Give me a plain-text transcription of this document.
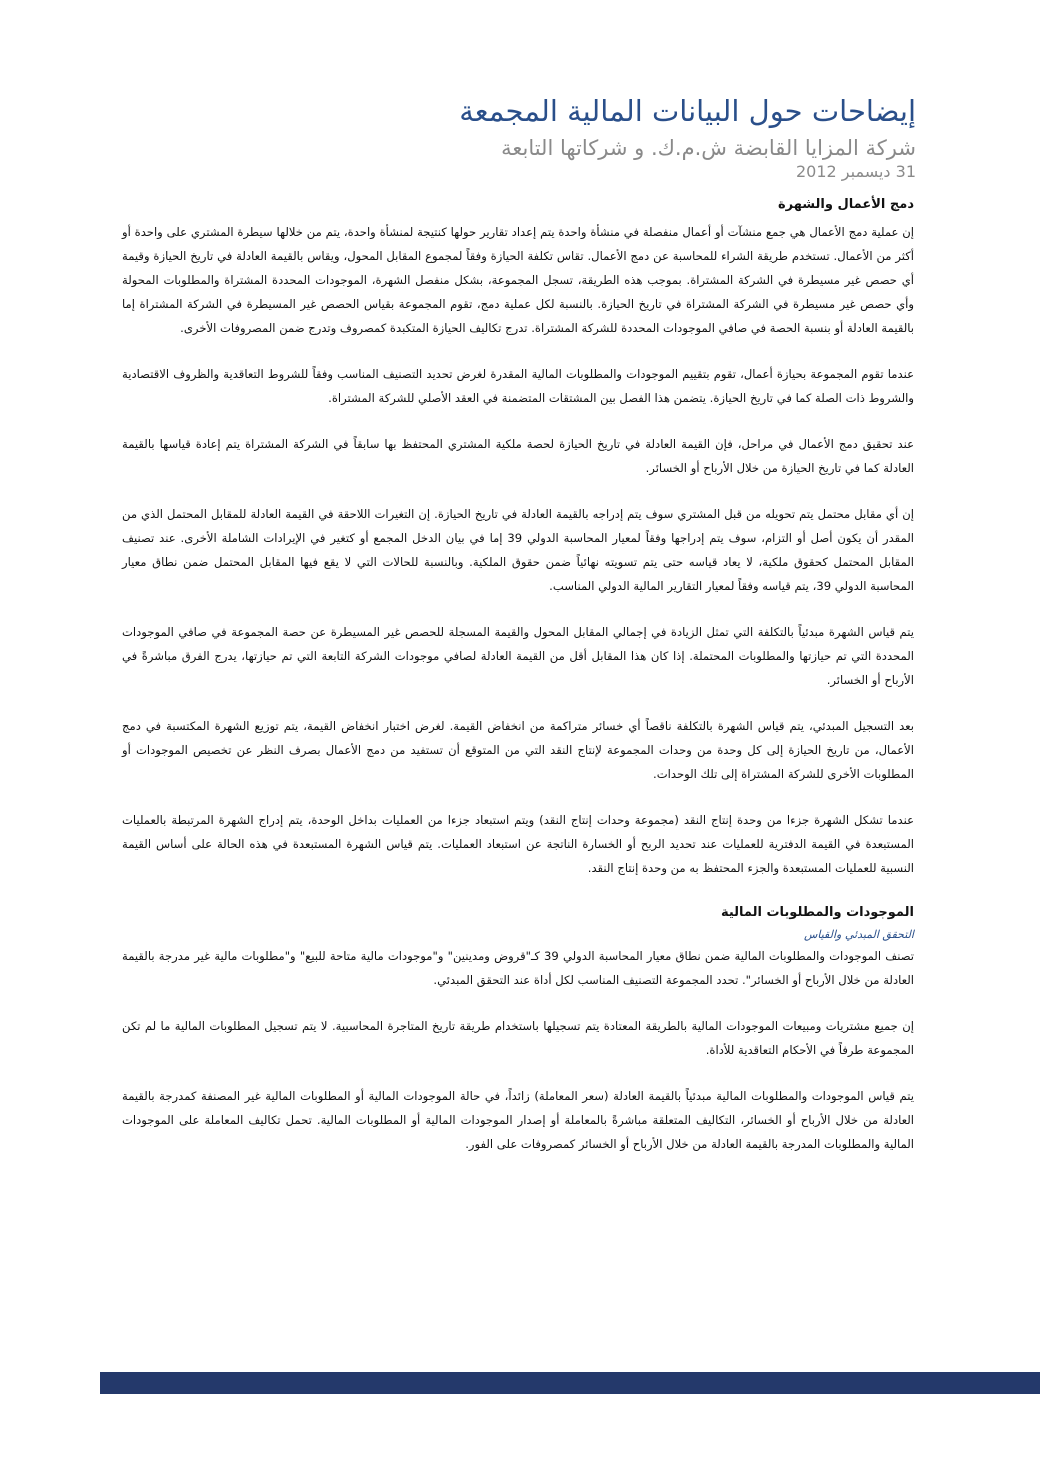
إيضاحات حول البيانات المالية المجمعة
شركة المزايا القابضة ش.م.ك. و شركاتها التابعة
31 ديسمبر 2012
دمج الأعمال والشهرة

إن عملية دمج الأعمال هي جمع منشآت أو أعمال منفصلة في منشأة واحدة يتم إعداد تقارير حولها كنتيجة لمنشأة واحدة، يتم من خلالها سيطرة المشتري على واحدة أو أكثر من الأعمال. تستخدم طريقة الشراء للمحاسبة عن دمج الأعمال. تقاس تكلفة الحيازة وفقاً لمجموع المقابل المحول، ويقاس بالقيمة العادلة في تاريخ الحيازة وقيمة أي حصص غير مسيطرة في الشركة المشتراة. بموجب هذه الطريقة، تسجل المجموعة، بشكل منفصل الشهرة، الموجودات المحددة المشتراة والمطلوبات المحولة وأي حصص غير مسيطرة في الشركة المشتراة في تاريخ الحيازة. بالنسبة لكل عملية دمج، تقوم المجموعة بقياس الحصص غير المسيطرة في الشركة المشتراة إما بالقيمة العادلة أو بنسبة الحصة في صافي الموجودات المحددة للشركة المشتراة. تدرج تكاليف الحيازة المتكبدة كمصروف وتدرج ضمن المصروفات الأخرى.

عندما تقوم المجموعة بحيازة أعمال، تقوم بتقييم الموجودات والمطلوبات المالية المقدرة لغرض تحديد التصنيف المناسب وفقاً للشروط التعاقدية والظروف الاقتصادية والشروط ذات الصلة كما في تاريخ الحيازة. يتضمن هذا الفصل بين المشتقات المتضمنة في العقد الأصلي للشركة المشتراة.

عند تحقيق دمج الأعمال في مراحل، فإن القيمة العادلة في تاريخ الحيازة لحصة ملكية المشتري المحتفظ بها سابقاً في الشركة المشتراة يتم إعادة قياسها بالقيمة العادلة كما في تاريخ الحيازة من خلال الأرباح أو الخسائر.

إن أي مقابل محتمل يتم تحويله من قبل المشتري سوف يتم إدراجه بالقيمة العادلة في تاريخ الحيازة. إن التغيرات اللاحقة في القيمة العادلة للمقابل المحتمل الذي من المقدر أن يكون أصل أو التزام، سوف يتم إدراجها وفقاً لمعيار المحاسبة الدولي 39 إما في بيان الدخل المجمع أو كتغير في الإيرادات الشاملة الأخرى. عند تصنيف المقابل المحتمل كحقوق ملكية، لا يعاد قياسه حتى يتم تسويته نهائياً ضمن حقوق الملكية. وبالنسبة للحالات التي لا يقع فيها المقابل المحتمل ضمن نطاق معيار المحاسبة الدولي 39، يتم قياسه وفقاً لمعيار التقارير المالية الدولي المناسب.

يتم قياس الشهرة مبدئياً بالتكلفة التي تمثل الزيادة في إجمالي المقابل المحول والقيمة المسجلة للحصص غير المسيطرة عن حصة المجموعة في صافي الموجودات المحددة التي تم حيازتها والمطلوبات المحتملة. إذا كان هذا المقابل أقل من القيمة العادلة لصافي موجودات الشركة التابعة التي تم حيازتها، يدرج الفرق مباشرةً في الأرباح أو الخسائر.

بعد التسجيل المبدئي، يتم قياس الشهرة بالتكلفة ناقصاً أي خسائر متراكمة من انخفاض القيمة. لغرض اختبار انخفاض القيمة، يتم توزيع الشهرة المكتسبة في دمج الأعمال، من تاريخ الحيازة إلى كل وحدة من وحدات المجموعة لإنتاج النقد التي من المتوقع أن تستفيد من دمج الأعمال بصرف النظر عن تخصيص الموجودات أو المطلوبات الأخرى للشركة المشتراة إلى تلك الوحدات.

عندما تشكل الشهرة جزءا من وحدة إنتاج النقد (مجموعة وحدات إنتاج النقد) ويتم استبعاد جزءا من العمليات بداخل الوحدة، يتم إدراج الشهرة المرتبطة بالعمليات المستبعدة في القيمة الدفترية للعمليات عند تحديد الربح أو الخسارة الناتجة عن استبعاد العمليات. يتم قياس الشهرة المستبعدة في هذه الحالة على أساس القيمة النسبية للعمليات المستبعدة والجزء المحتفظ به من وحدة إنتاج النقد.

الموجودات والمطلوبات المالية
التحقق المبدئي والقياس

تصنف الموجودات والمطلوبات المالية ضمن نطاق معيار المحاسبة الدولي 39 كـ"قروض ومدينين" و"موجودات مالية متاحة للبيع" و"مطلوبات مالية غير مدرجة بالقيمة العادلة من خلال الأرباح أو الخسائر". تحدد المجموعة التصنيف المناسب لكل أداة عند التحقق المبدئي.

إن جميع مشتريات ومبيعات الموجودات المالية بالطريقة المعتادة يتم تسجيلها باستخدام طريقة تاريخ المتاجرة المحاسبية. لا يتم تسجيل المطلوبات المالية ما لم تكن المجموعة طرفاً في الأحكام التعاقدية للأداة.

يتم قياس الموجودات والمطلوبات المالية مبدئياً بالقيمة العادلة (سعر المعاملة) زائداً، في حالة الموجودات المالية أو المطلوبات المالية غير المصنفة كمدرجة بالقيمة العادلة من خلال الأرباح أو الخسائر، التكاليف المتعلقة مباشرةً بالمعاملة أو إصدار الموجودات المالية أو المطلوبات المالية. تحمل تكاليف المعاملة على الموجودات المالية والمطلوبات المدرجة بالقيمة العادلة من خلال الأرباح أو الخسائر كمصروفات على الفور.
